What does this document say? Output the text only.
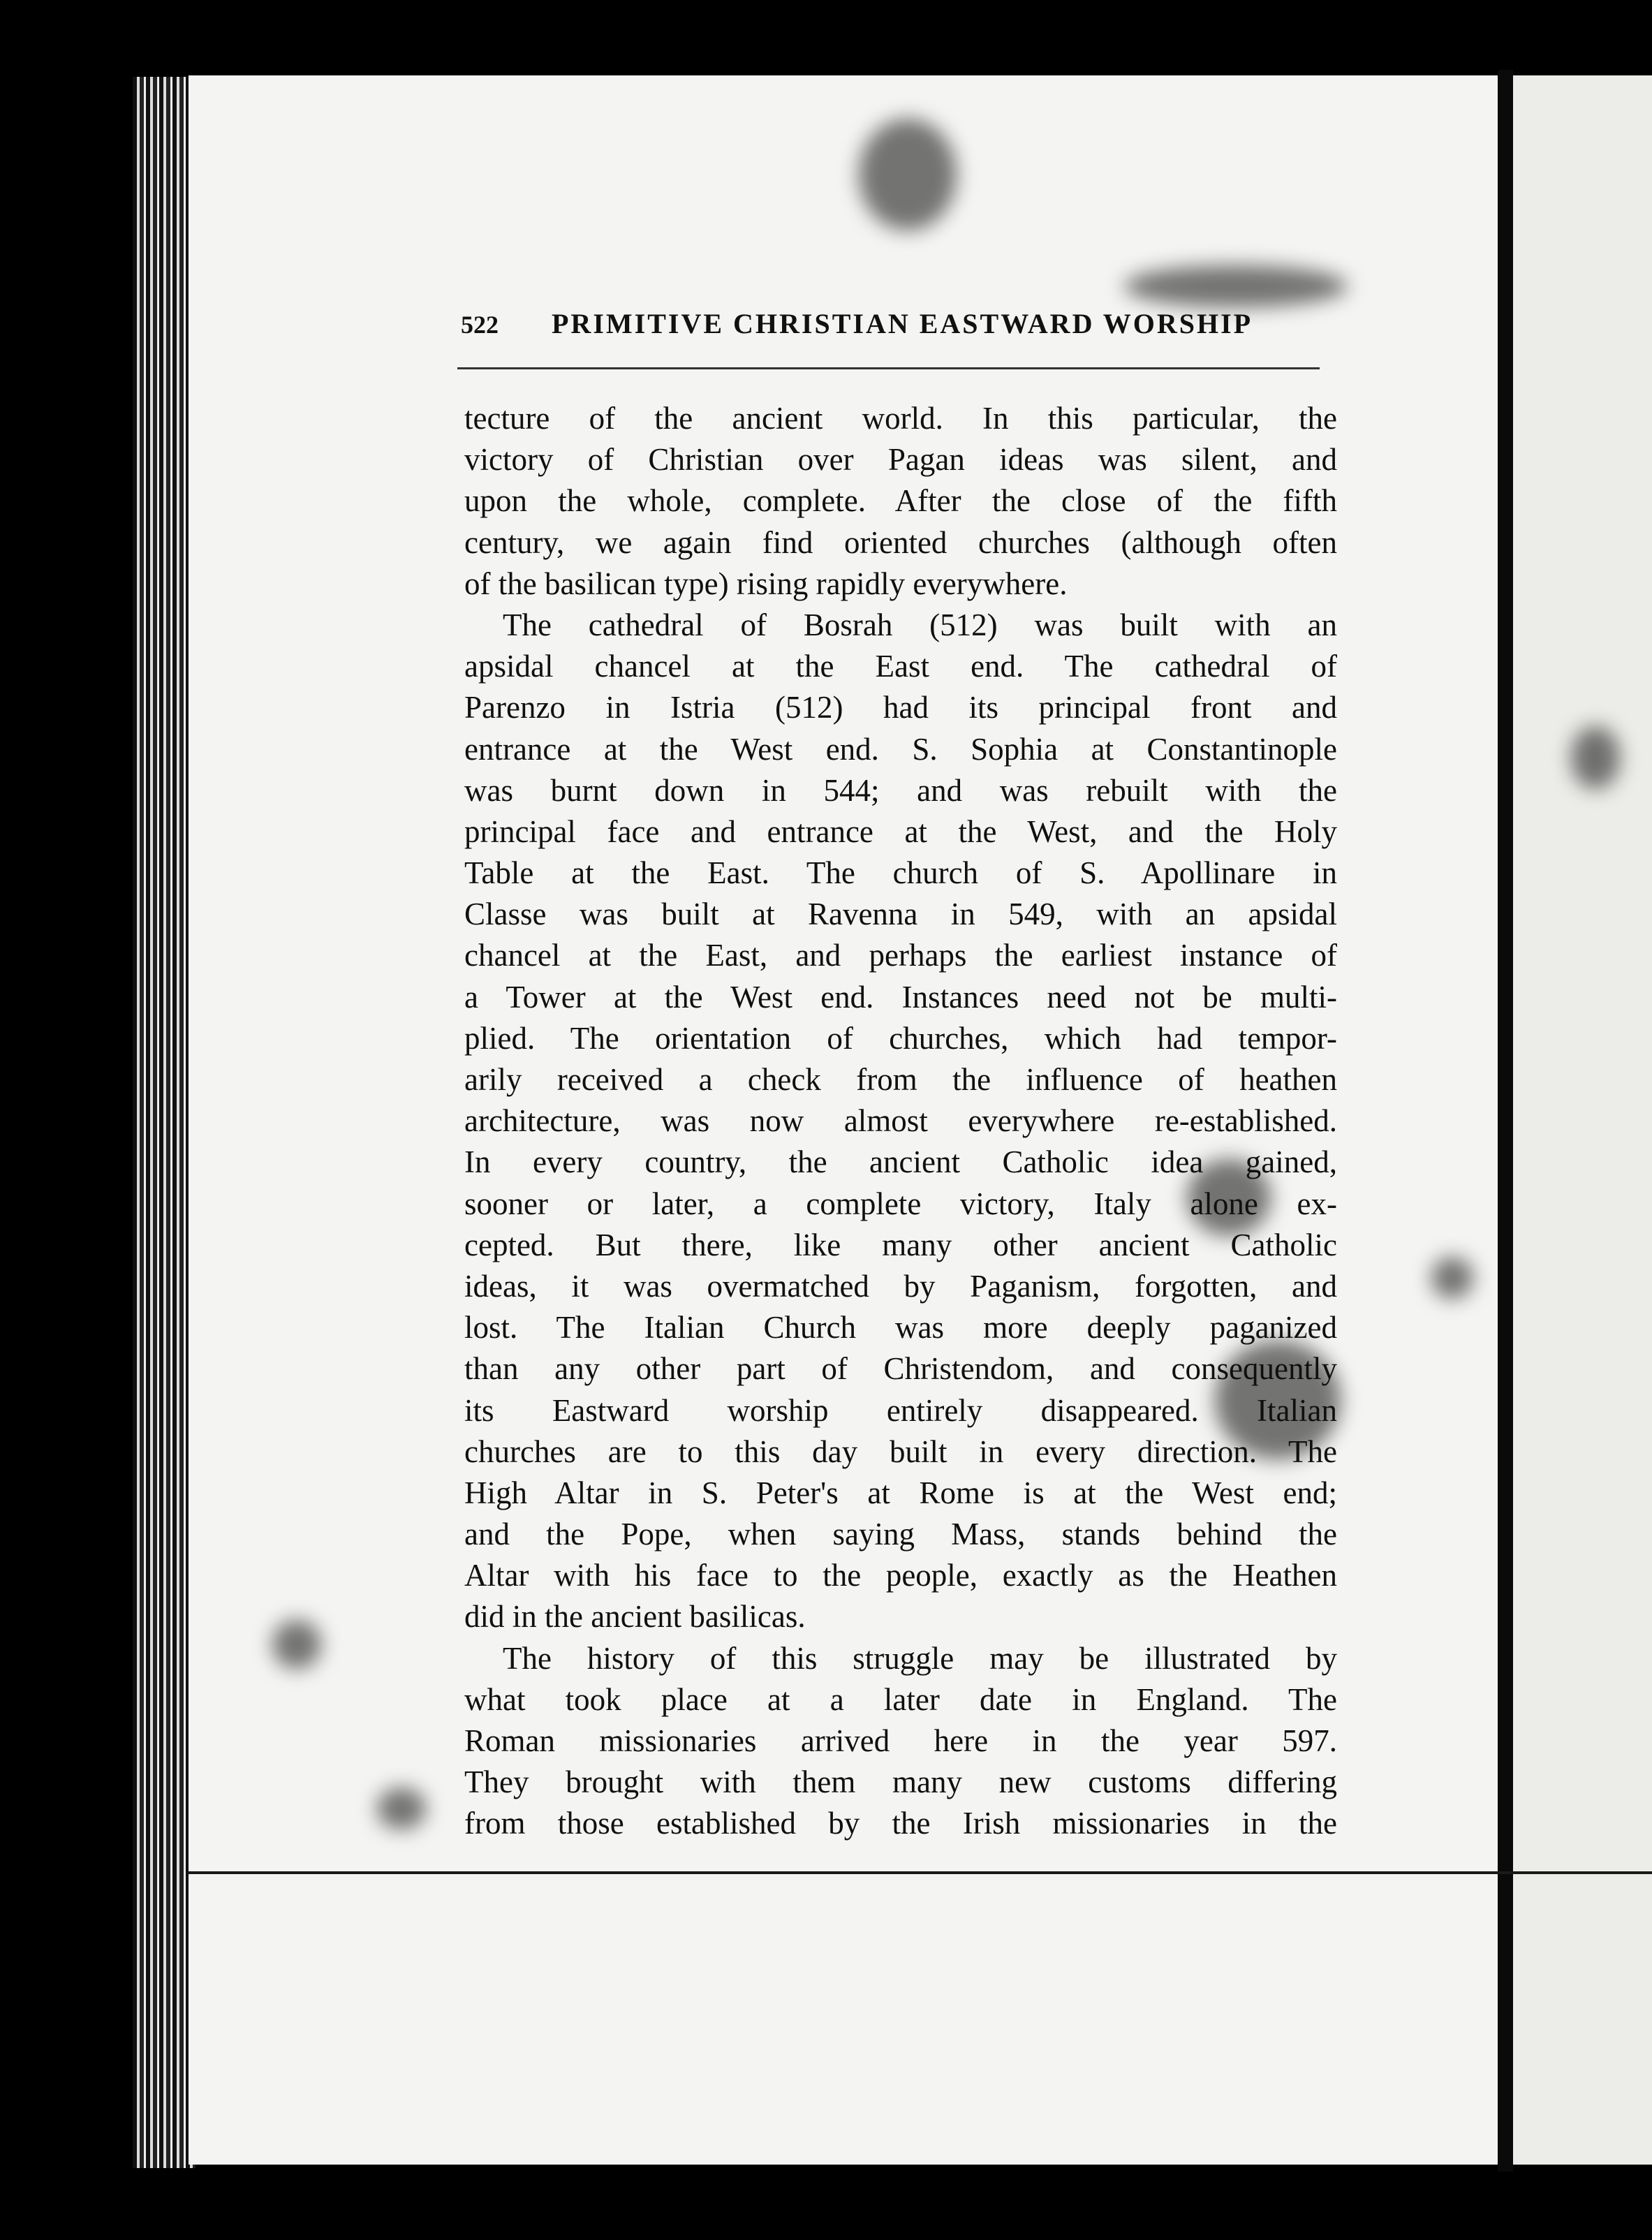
522 PRIMITIVE CHRISTIAN EASTWARD WORSHIP
tecture of the ancient world. In this particular, the
victory of Christian over Pagan ideas was silent, and
upon the whole, complete. After the close of the fifth
century, we again find oriented churches (although often
of the basilican type) rising rapidly everywhere.
The cathedral of Bosrah (512) was built with an
apsidal chancel at the East end. The cathedral of
Parenzo in Istria (512) had its principal front and
entrance at the West end. S. Sophia at Constantinople
was burnt down in 544; and was rebuilt with the
principal face and entrance at the West, and the Holy
Table at the East. The church of S. Apollinare in
Classe was built at Ravenna in 549, with an apsidal
chancel at the East, and perhaps the earliest instance of
a Tower at the West end. Instances need not be multi-
plied. The orientation of churches, which had tempor-
arily received a check from the influence of heathen
architecture, was now almost everywhere re-established.
In every country, the ancient Catholic idea gained,
sooner or later, a complete victory, Italy alone ex-
cepted. But there, like many other ancient Catholic
ideas, it was overmatched by Paganism, forgotten, and
lost. The Italian Church was more deeply paganized
than any other part of Christendom, and consequently
its Eastward worship entirely disappeared. Italian
churches are to this day built in every direction. The
High Altar in S. Peter's at Rome is at the West end;
and the Pope, when saying Mass, stands behind the
Altar with his face to the people, exactly as the Heathen
did in the ancient basilicas.
The history of this struggle may be illustrated by
what took place at a later date in England. The
Roman missionaries arrived here in the year 597.
They brought with them many new customs differing
from those established by the Irish missionaries in the
